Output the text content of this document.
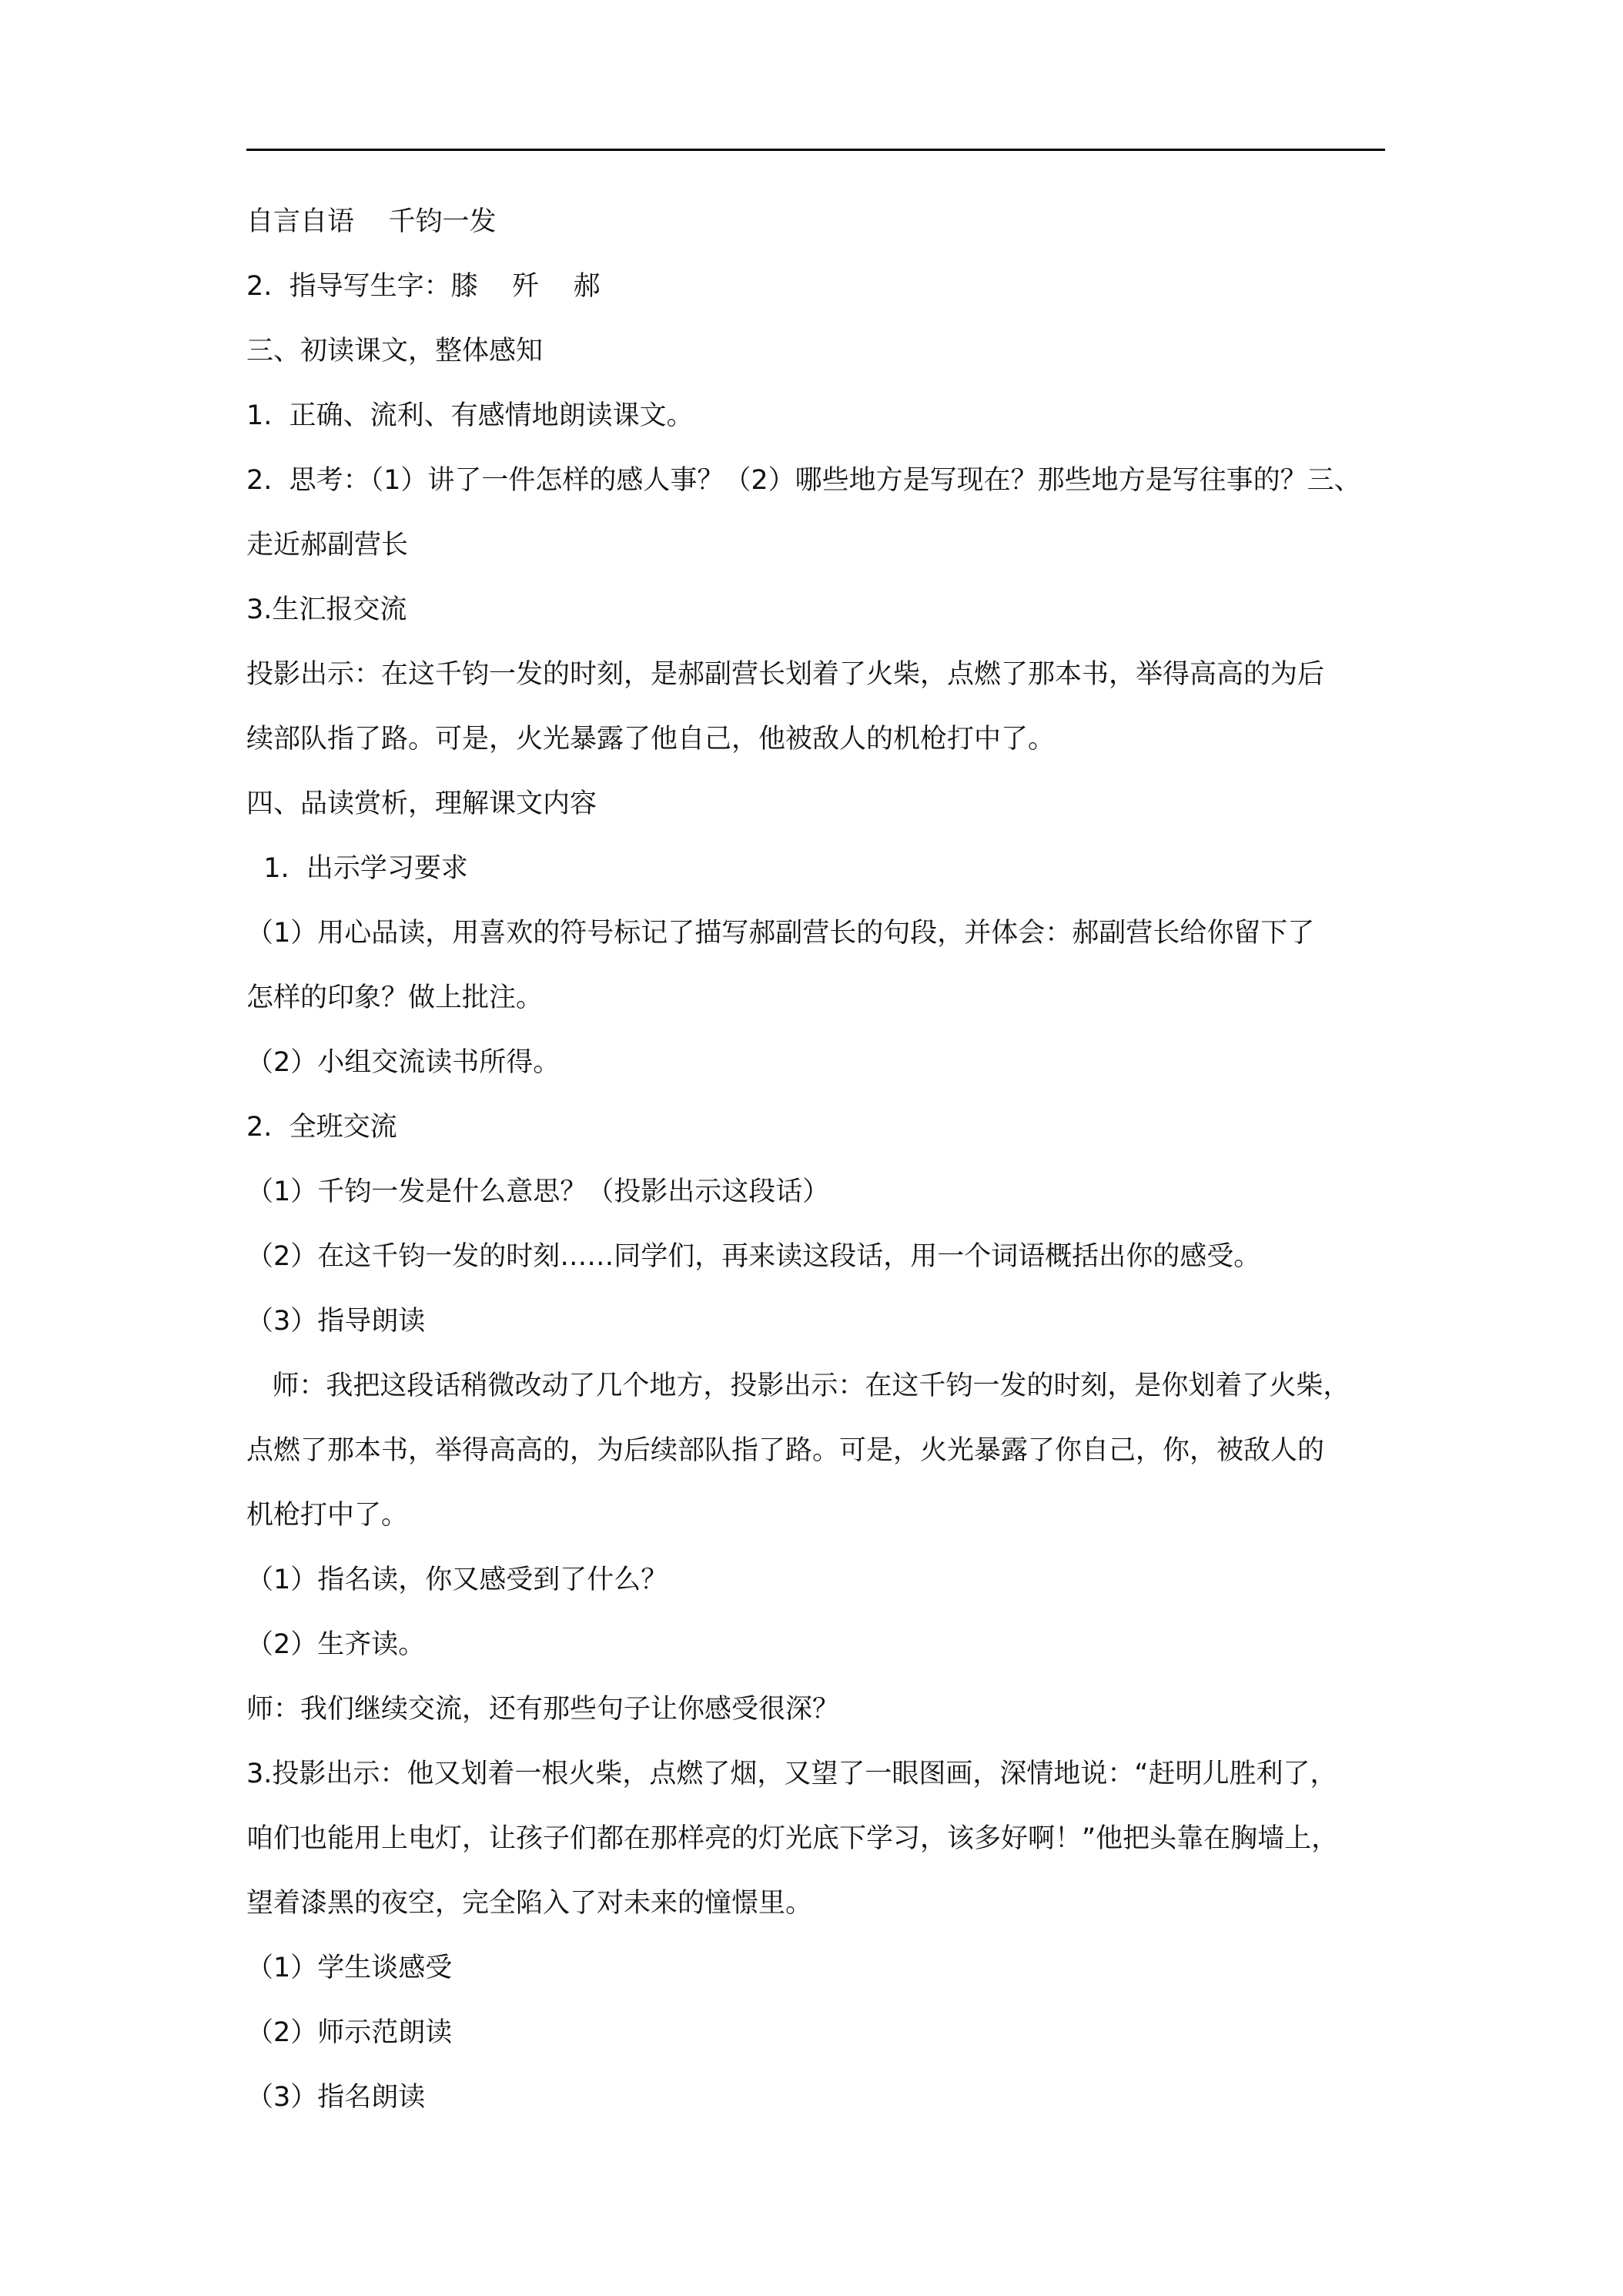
自言自语    千钧一发
2.  指导写生字：膝    歼    郝
三、初读课文，整体感知
1.  正确、流利、有感情地朗读课文。
2.  思考：（1）讲了一件怎样的感人事？（2）哪些地方是写现在？那些地方是写往事的？三、
走近郝副营长
3.生汇报交流
投影出示：在这千钧一发的时刻，是郝副营长划着了火柴，点燃了那本书，举得高高的为后
续部队指了路。可是，火光暴露了他自己，他被敌人的机枪打中了。
四、品读赏析，理解课文内容
1.  出示学习要求
（1）用心品读，用喜欢的符号标记了描写郝副营长的句段，并体会：郝副营长给你留下了
怎样的印象？做上批注。
（2）小组交流读书所得。
2.  全班交流
（1）千钧一发是什么意思？（投影出示这段话）
（2）在这千钧一发的时刻……同学们，再来读这段话，用一个词语概括出你的感受。
（3）指导朗读
师：我把这段话稍微改动了几个地方，投影出示：在这千钧一发的时刻，是你划着了火柴，
点燃了那本书，举得高高的，为后续部队指了路。可是，火光暴露了你自己，你，被敌人的
机枪打中了。
（1）指名读，你又感受到了什么？
（2）生齐读。
师：我们继续交流，还有那些句子让你感受很深？
3.投影出示：他又划着一根火柴，点燃了烟，又望了一眼图画，深情地说：“赶明儿胜利了，
咱们也能用上电灯，让孩子们都在那样亮的灯光底下学习，该多好啊！”他把头靠在胸墙上，
望着漆黑的夜空，完全陷入了对未来的憧憬里。
（1）学生谈感受
（2）师示范朗读
（3）指名朗读
